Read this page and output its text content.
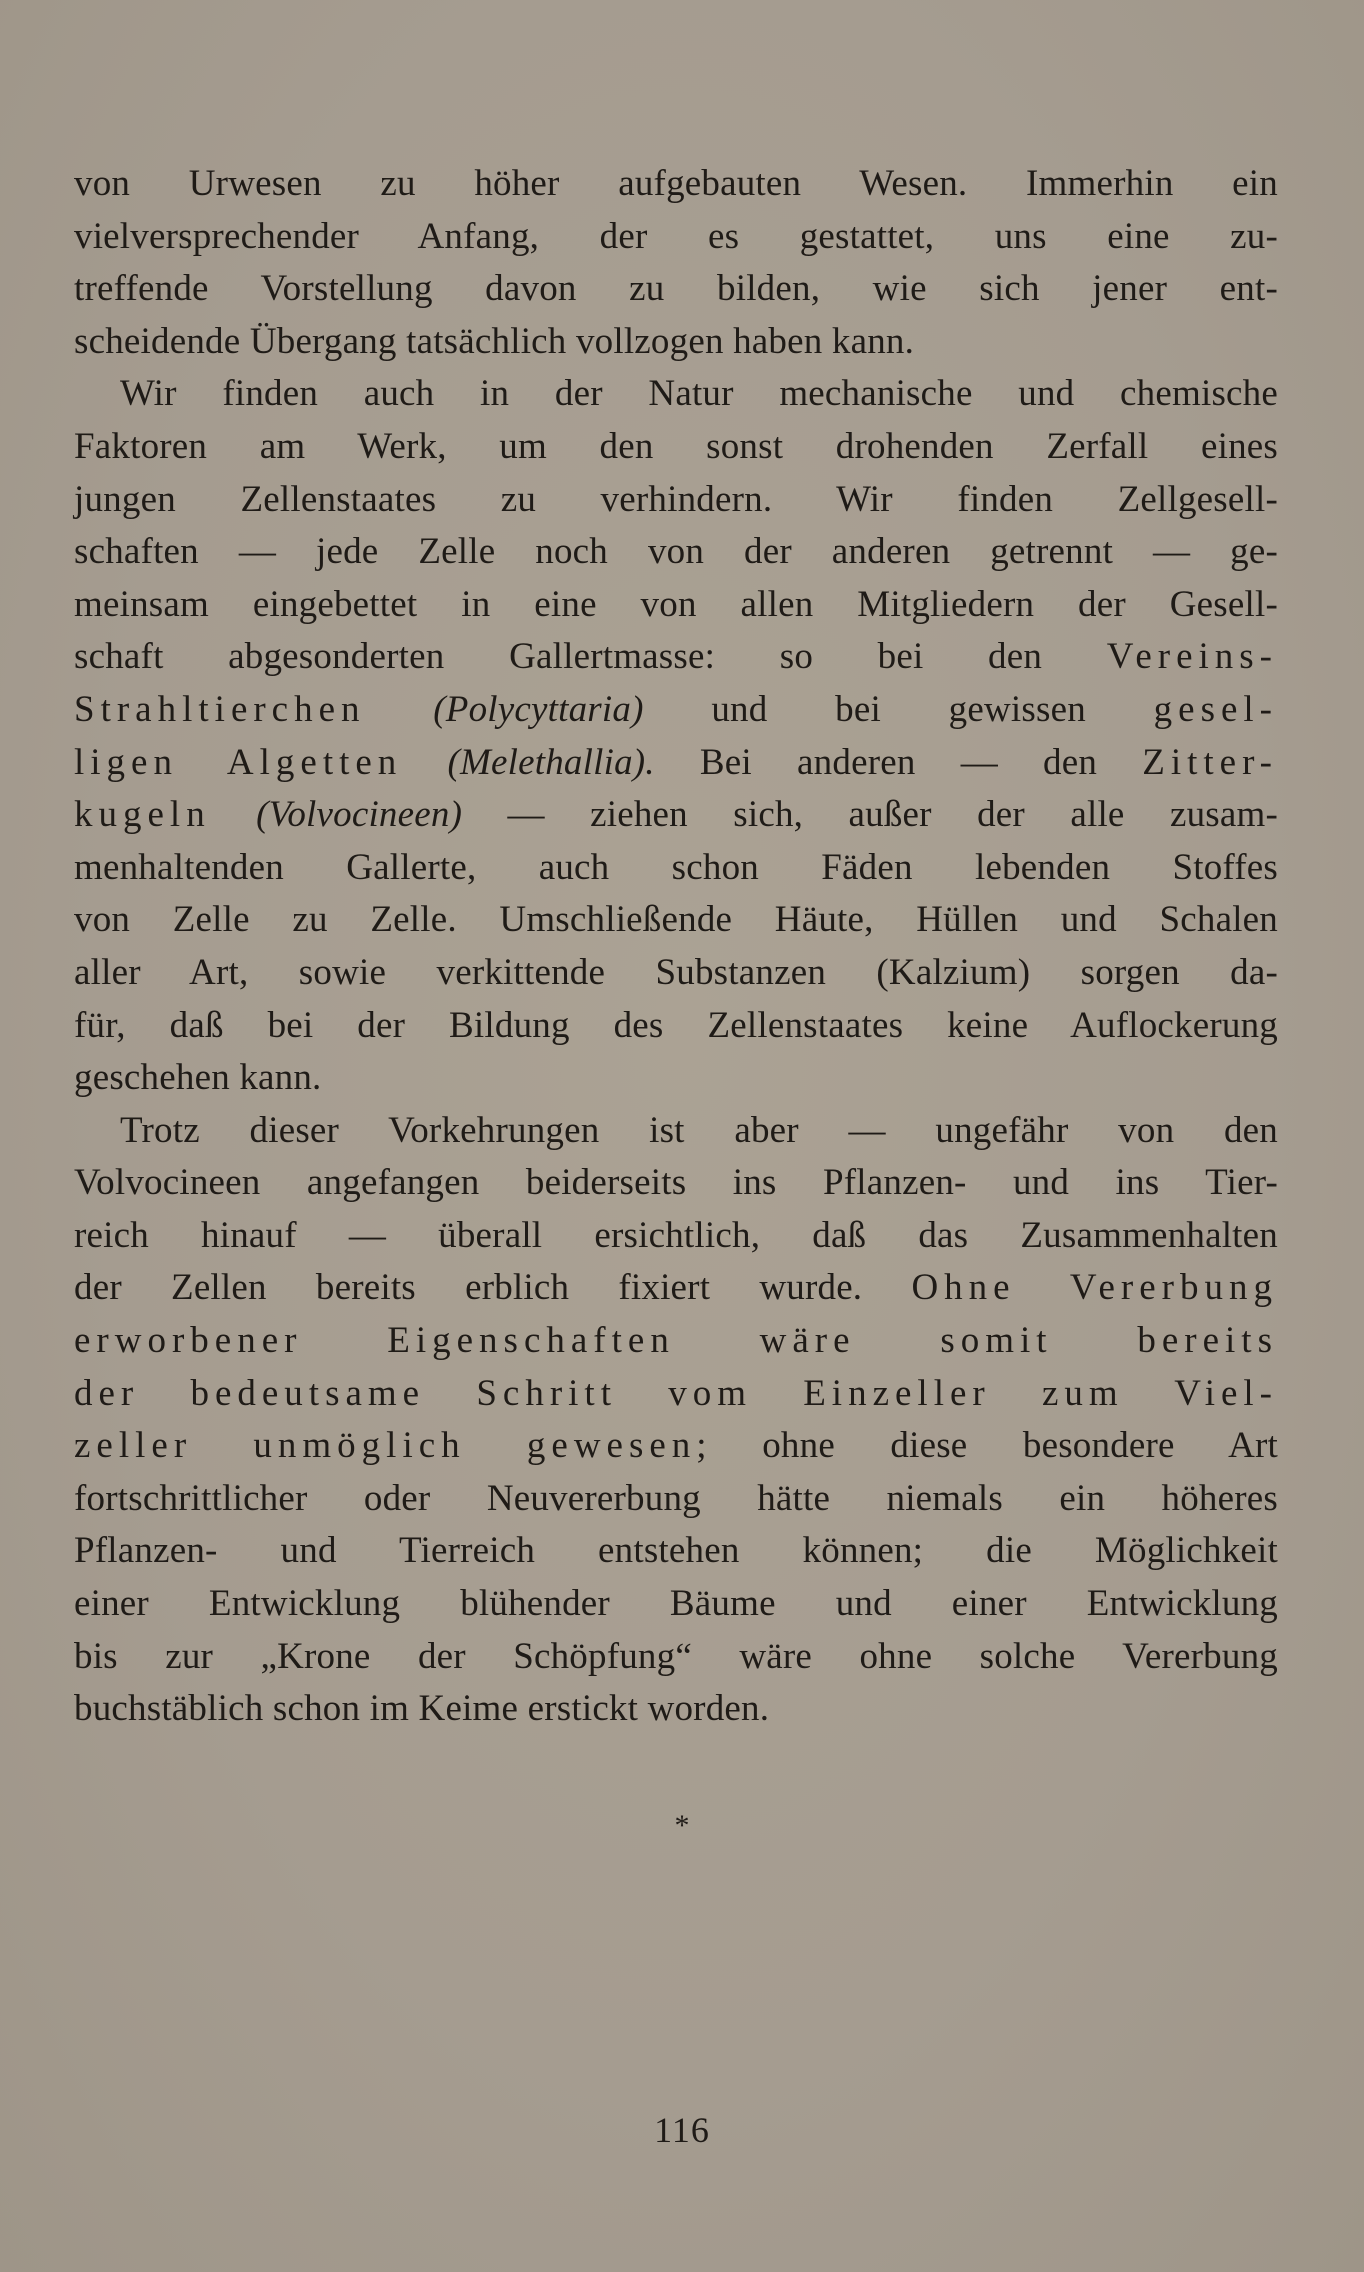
von Urwesen zu höher aufgebauten Wesen. Immerhin ein
vielversprechender Anfang, der es gestattet, uns eine zu-
treffende Vorstellung davon zu bilden, wie sich jener ent-
scheidende Übergang tatsächlich vollzogen haben kann.
Wir finden auch in der Natur mechanische und chemische
Faktoren am Werk, um den sonst drohenden Zerfall eines
jungen Zellenstaates zu verhindern. Wir finden Zellgesell-
schaften — jede Zelle noch von der anderen getrennt — ge-
meinsam eingebettet in eine von allen Mitgliedern der Gesell-
schaft abgesonderten Gallertmasse: so bei den Vereins-
Strahltierchen (Polycyttaria) und bei gewissen gesel-
ligen Algetten (Melethallia). Bei anderen — den Zitter-
kugeln (Volvocineen) — ziehen sich, außer der alle zusam-
menhaltenden Gallerte, auch schon Fäden lebenden Stoffes
von Zelle zu Zelle. Umschließende Häute, Hüllen und Schalen
aller Art, sowie verkittende Substanzen (Kalzium) sorgen da-
für, daß bei der Bildung des Zellenstaates keine Auflockerung
geschehen kann.
Trotz dieser Vorkehrungen ist aber — ungefähr von den
Volvocineen angefangen beiderseits ins Pflanzen- und ins Tier-
reich hinauf — überall ersichtlich, daß das Zusammenhalten
der Zellen bereits erblich fixiert wurde. Ohne Vererbung
erworbener Eigenschaften wäre somit bereits
der bedeutsame Schritt vom Einzeller zum Viel-
zeller unmöglich gewesen; ohne diese besondere Art
fortschrittlicher oder Neuvererbung hätte niemals ein höheres
Pflanzen- und Tierreich entstehen können; die Möglichkeit
einer Entwicklung blühender Bäume und einer Entwicklung
bis zur „Krone der Schöpfung“ wäre ohne solche Vererbung
buchstäblich schon im Keime erstickt worden.
*
116
